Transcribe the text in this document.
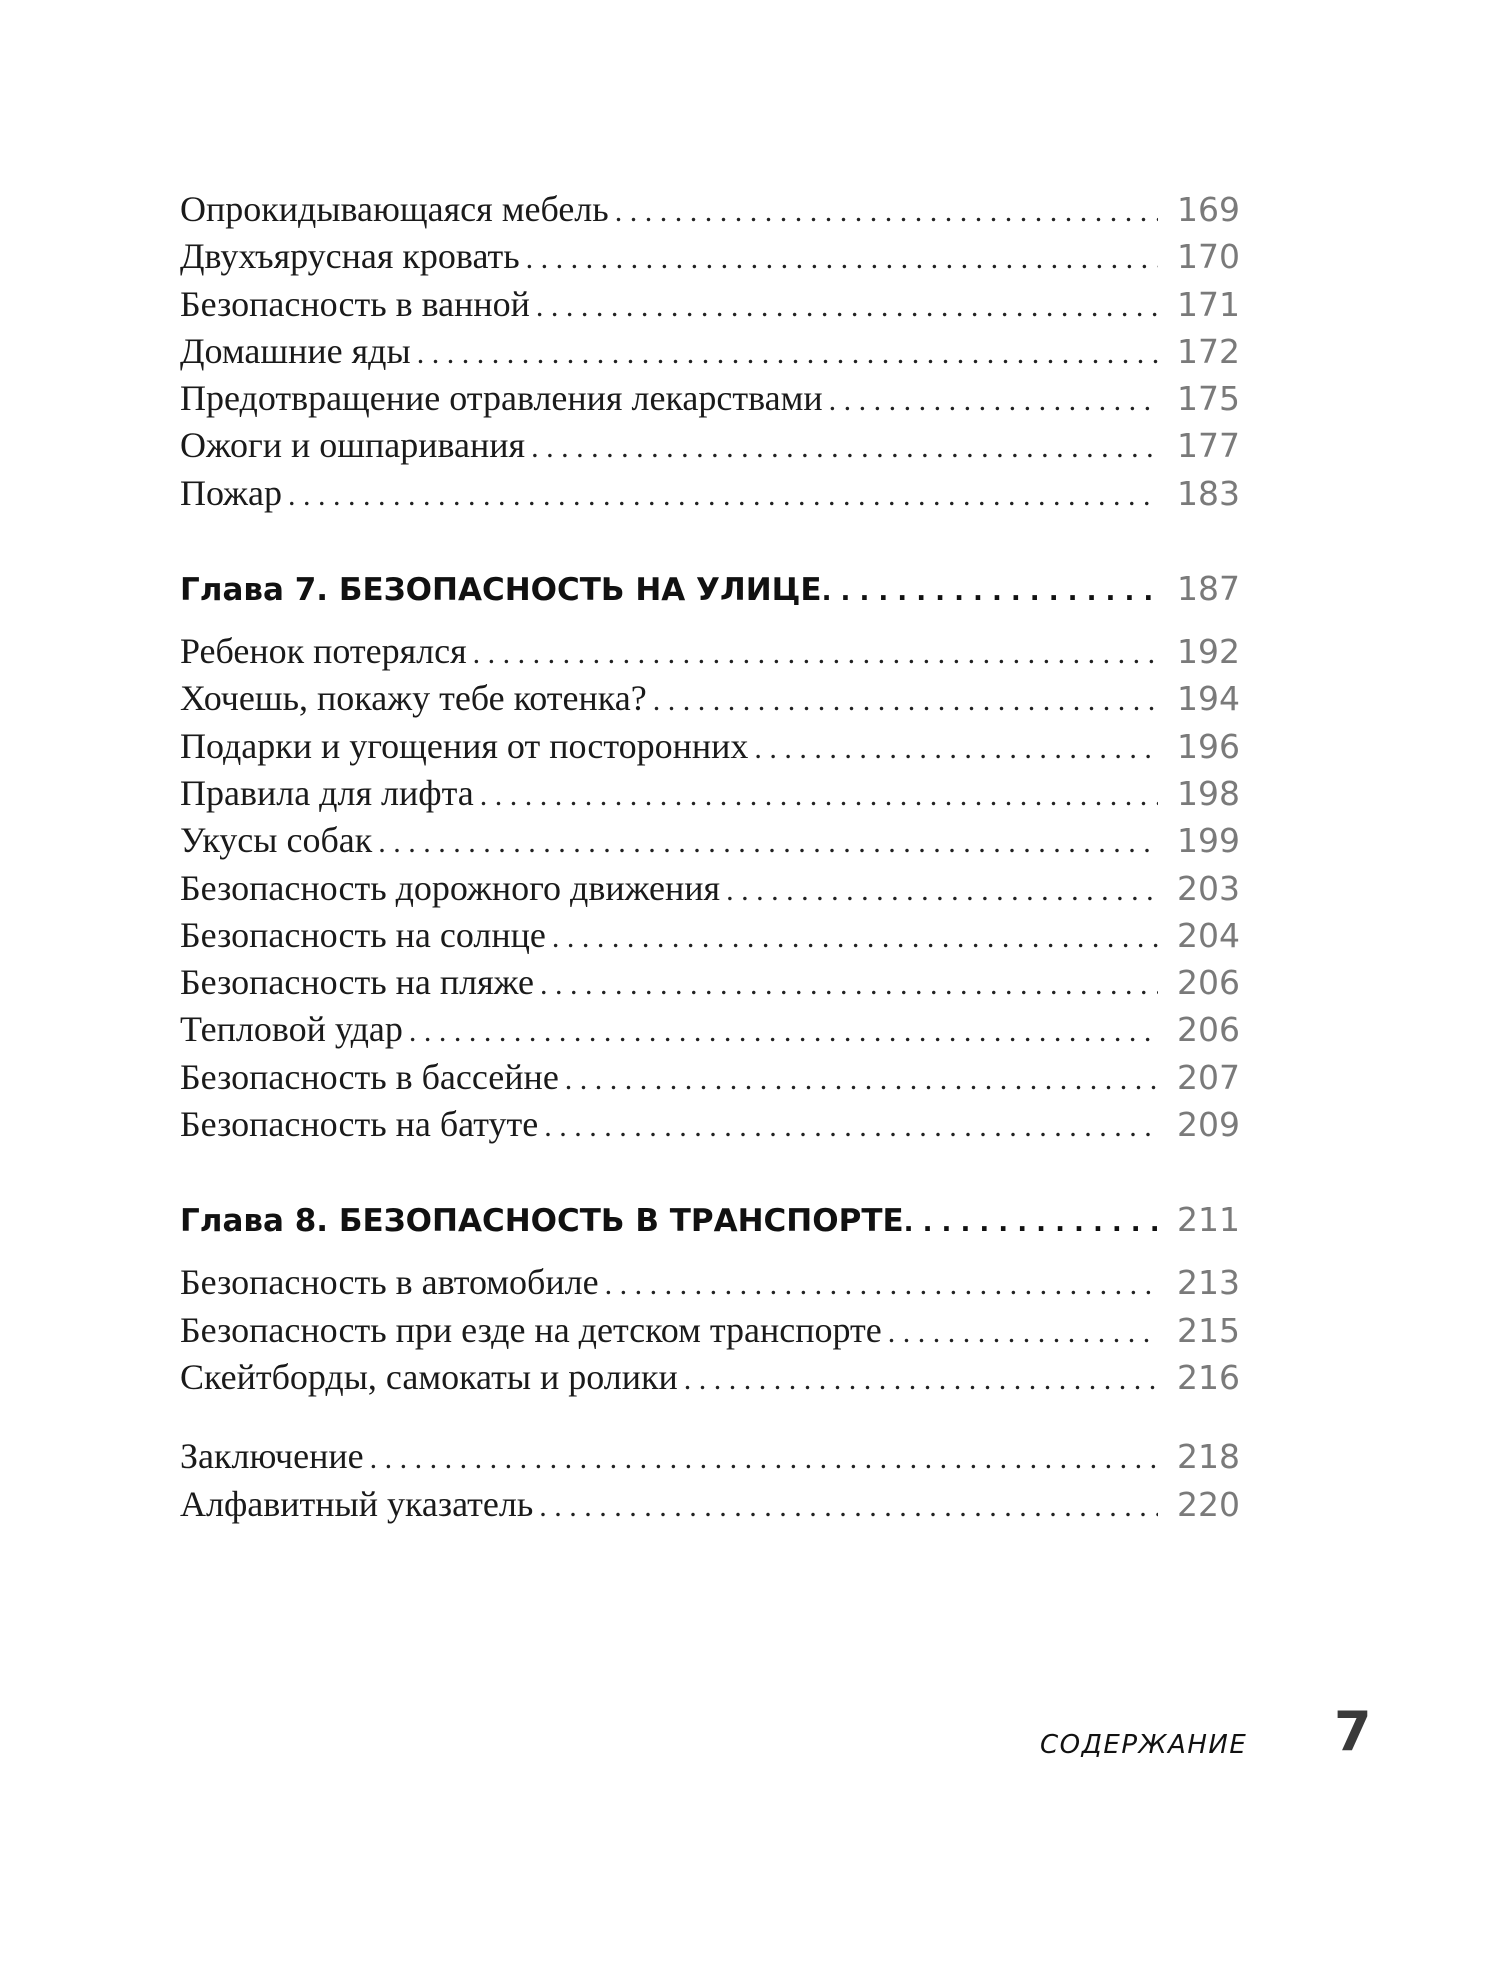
Опрокидывающаяся мебель . . .	169
Двухъярусная кровать . . .	170
Безопасность в ванной . . .	171
Домашние яды . . .	172
Предотвращение отравления лекарствами . . .	175
Ожоги и ошпаривания . . .	177
Пожар . . .	183
Глава 7. БЕЗОПАСНОСТЬ НА УЛИЦЕ . . .	187
Ребенок потерялся . . .	192
Хочешь, покажу тебе котенка? . . .	194
Подарки и угощения от посторонних . . .	196
Правила для лифта . . .	198
Укусы собак . . .	199
Безопасность дорожного движения . . .	203
Безопасность на солнце . . .	204
Безопасность на пляже . . .	206
Тепловой удар . . .	206
Безопасность в бассейне . . .	207
Безопасность на батуте . . .	209
Глава 8. БЕЗОПАСНОСТЬ В ТРАНСПОРТЕ . . .	211
Безопасность в автомобиле . . .	213
Безопасность при езде на детском транспорте . . .	215
Скейтборды, самокаты и ролики . . .	216
Заключение . . .	218
Алфавитный указатель . . .	220
СОДЕРЖАНИЕ 7
